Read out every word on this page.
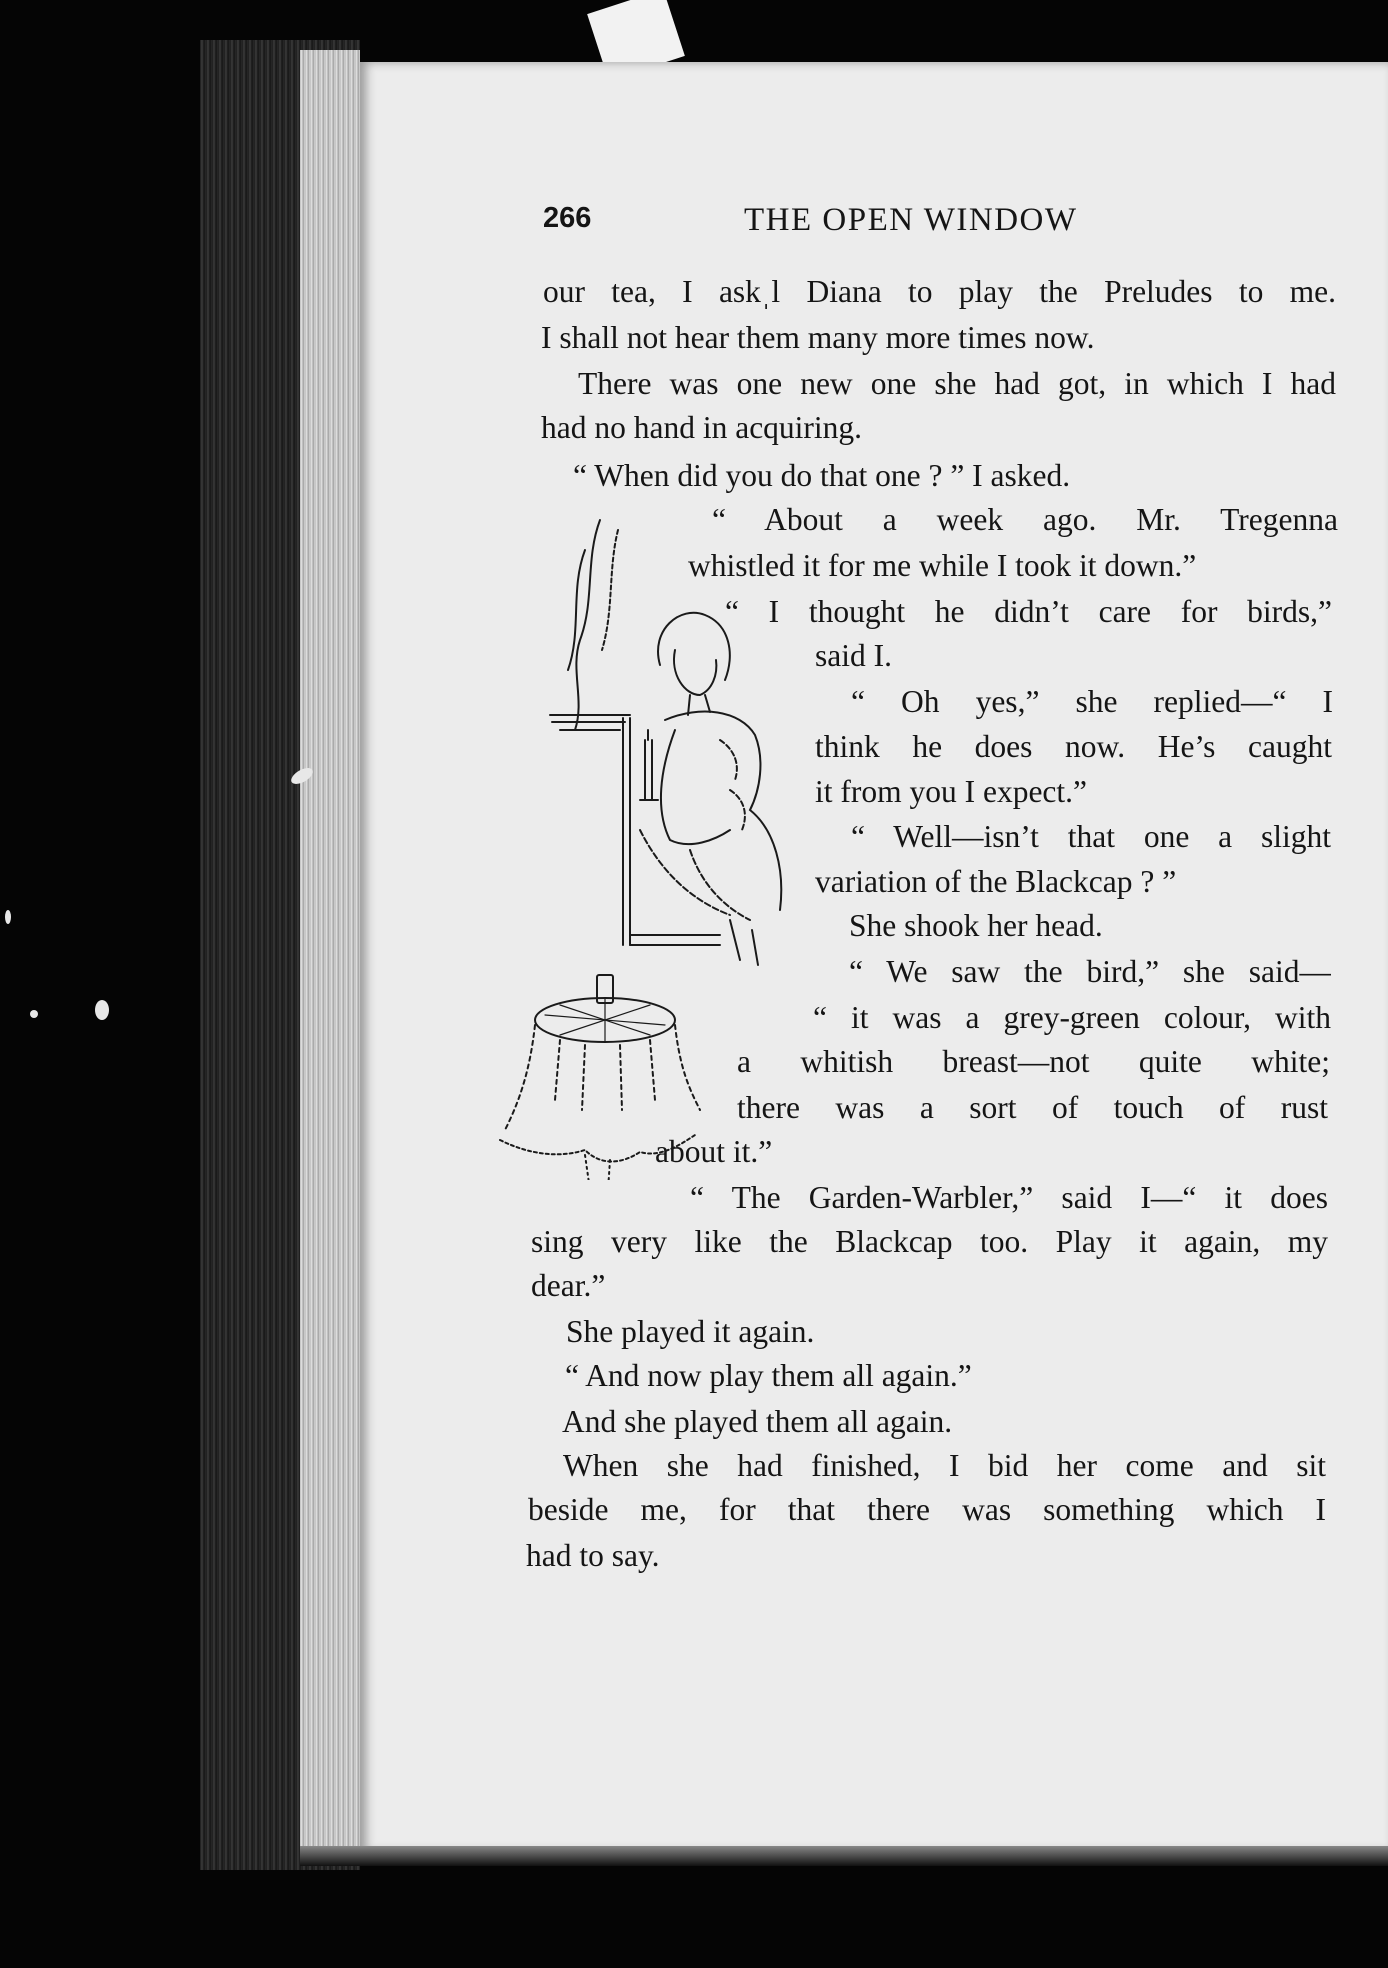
266	THE OPEN WINDOW
our tea, I askˌl Diana to play the Preludes to me.
I shall not hear them many more times now.
There was one new one she had got, in which I had
had no hand in acquiring.
“ When did you do that one ? ” I asked.
“ About a week ago. Mr. Tregenna
whistled it for me while I took it down.”
“ I thought he didn’t care for birds,”
said I.
“ Oh yes,” she replied—“ I
think he does now. He’s caught
it from you I expect.”
“ Well—isn’t that one a slight
variation of the Blackcap ? ”
She shook her head.
“ We saw the bird,” she said—
“ it was a grey-green colour, with
a whitish breast—not quite white;
there was a sort of touch of rust
about it.”
“ The Garden-Warbler,” said I—“ it does
sing very like the Blackcap too. Play it again, my
dear.”
She played it again.
“ And now play them all again.”
And she played them all again.
When she had finished, I bid her come and sit
beside me, for that there was something which I
had to say.
